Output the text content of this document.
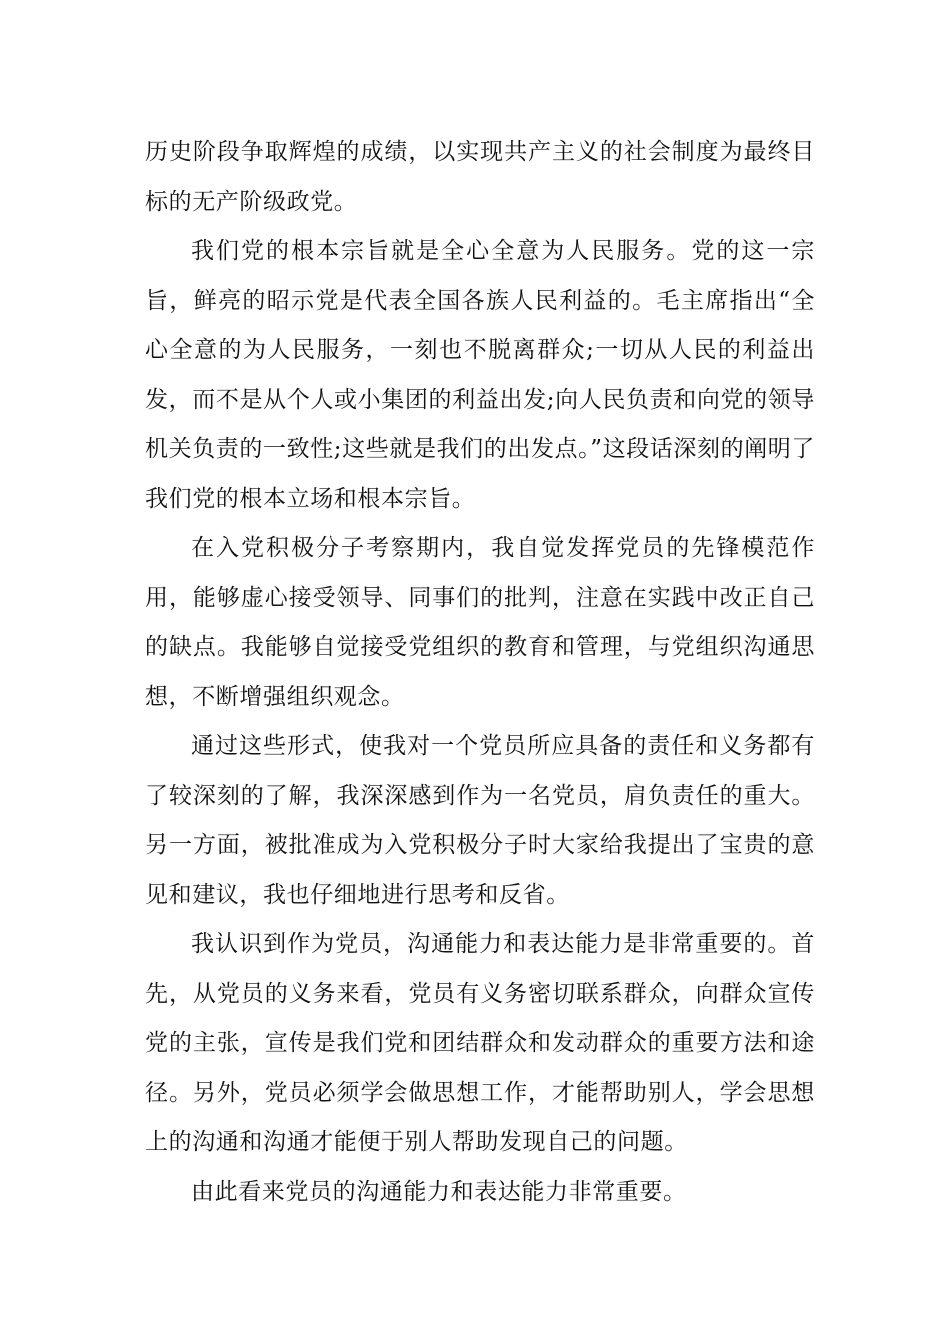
历史阶段争取辉煌的成绩，以实现共产主义的社会制度为最终目标的无产阶级政党。

我们党的根本宗旨就是全心全意为人民服务。党的这一宗旨，鲜亮的昭示党是代表全国各族人民利益的。毛主席指出“全心全意的为人民服务，一刻也不脱离群众;一切从人民的利益出发，而不是从个人或小集团的利益出发;向人民负责和向党的领导机关负责的一致性;这些就是我们的出发点。”这段话深刻的阐明了我们党的根本立场和根本宗旨。

在入党积极分子考察期内，我自觉发挥党员的先锋模范作用，能够虚心接受领导、同事们的批判，注意在实践中改正自己的缺点。我能够自觉接受党组织的教育和管理，与党组织沟通思想，不断增强组织观念。

通过这些形式，使我对一个党员所应具备的责任和义务都有了较深刻的了解，我深深感到作为一名党员，肩负责任的重大。另一方面，被批准成为入党积极分子时大家给我提出了宝贵的意见和建议，我也仔细地进行思考和反省。

我认识到作为党员，沟通能力和表达能力是非常重要的。首先，从党员的义务来看，党员有义务密切联系群众，向群众宣传党的主张，宣传是我们党和团结群众和发动群众的重要方法和途径。另外，党员必须学会做思想工作，才能帮助别人，学会思想上的沟通和沟通才能便于别人帮助发现自己的问题。

由此看来党员的沟通能力和表达能力非常重要。
